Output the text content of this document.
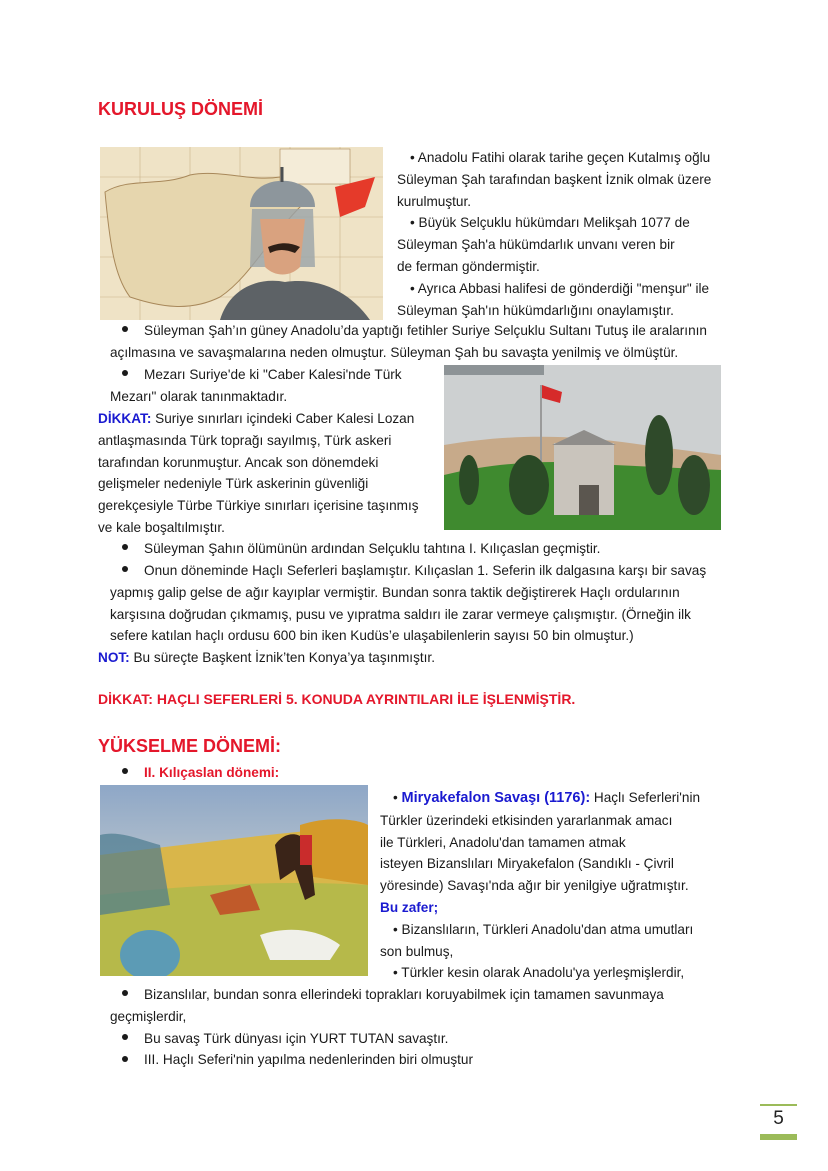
KURULUŞ DÖNEMİ
• Anadolu Fatihi olarak tarihe geçen Kutalmış oğlu
Süleyman Şah tarafından başkent İznik olmak üzere
kurulmuştur.
• Büyük Selçuklu hükümdarı Melikşah 1077 de
Süleyman Şah'a hükümdarlık unvanı veren bir
de ferman göndermiştir.
• Ayrıca Abbasi halifesi de gönderdiği "menşur" ile
Süleyman Şah'ın hükümdarlığını onaylamıştır.
Süleyman Şah’ın güney Anadolu’da yaptığı fetihler Suriye Selçuklu Sultanı Tutuş ile aralarının
açılmasına ve savaşmalarına neden olmuştur. Süleyman Şah bu savaşta yenilmiş ve ölmüştür.
Mezarı Suriye'de ki "Caber Kalesi'nde Türk
Mezarı" olarak tanınmaktadır.
DİKKAT: Suriye sınırları içindeki Caber Kalesi Lozan
antlaşmasında Türk toprağı sayılmış, Türk askeri
tarafından korunmuştur. Ancak son dönemdeki
gelişmeler nedeniyle Türk askerinin güvenliği
gerekçesiyle Türbe Türkiye sınırları içerisine taşınmış
ve kale boşaltılmıştır.
Süleyman Şahın ölümünün ardından Selçuklu tahtına I. Kılıçaslan geçmiştir.
Onun döneminde Haçlı Seferleri başlamıştır. Kılıçaslan 1. Seferin ilk dalgasına karşı bir savaş
yapmış galip gelse de ağır kayıplar vermiştir. Bundan sonra taktik değiştirerek Haçlı ordularının
karşısına doğrudan çıkmamış, pusu ve yıpratma saldırı ile zarar vermeye çalışmıştır. (Örneğin ilk
sefere katılan haçlı ordusu 600 bin iken Kudüs’e ulaşabilenlerin sayısı 50 bin olmuştur.)
NOT: Bu süreçte Başkent İznik’ten Konya’ya taşınmıştır.
DİKKAT: HAÇLI SEFERLERİ 5. KONUDA AYRINTILARI İLE İŞLENMİŞTİR.
YÜKSELME DÖNEMİ:
II. Kılıçaslan dönemi:
• Miryakefalon Savaşı (1176): Haçlı Seferleri'nin
Türkler üzerindeki etkisinden yararlanmak amacı
ile Türkleri, Anadolu'dan tamamen atmak
isteyen Bizanslıları Miryakefalon (Sandıklı - Çivril
yöresinde) Savaşı'nda ağır bir yenilgiye uğratmıştır.
Bu zafer;
• Bizanslıların, Türkleri Anadolu'dan atma umutları
son bulmuş,
• Türkler kesin olarak Anadolu'ya yerleşmişlerdir,
Bizanslılar, bundan sonra ellerindeki toprakları koruyabilmek için tamamen savunmaya
geçmişlerdir,
Bu savaş Türk dünyası için YURT TUTAN savaştır.
III. Haçlı Seferi'nin yapılma nedenlerinden biri olmuştur
5
